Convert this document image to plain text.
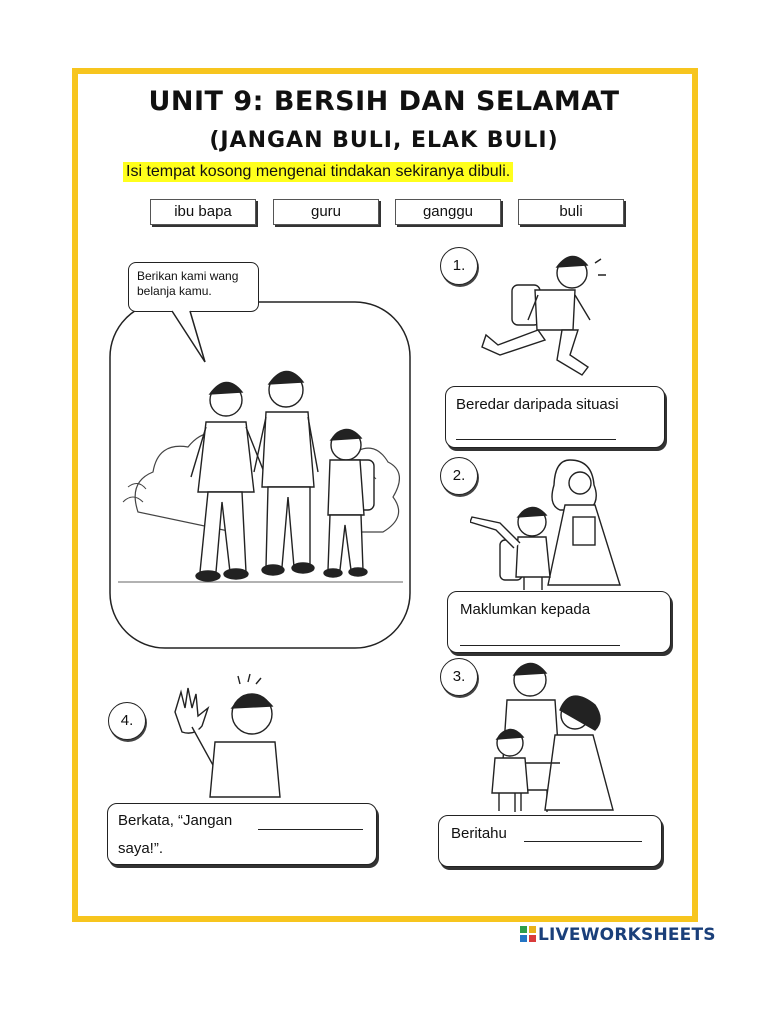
UNIT 9: BERSIH DAN SELAMAT
(JANGAN BULI, ELAK BULI)
Isi tempat kosong mengenai tindakan sekiranya dibuli.
ibu bapa	guru	ganggu	buli
Berikan kami wang
belanja kamu.
1.
Beredar daripada situasi
2.
Maklumkan kepada
3.
Beritahu
4.
Berkata, “Jangan
saya!”.
LIVEWORKSHEETS
